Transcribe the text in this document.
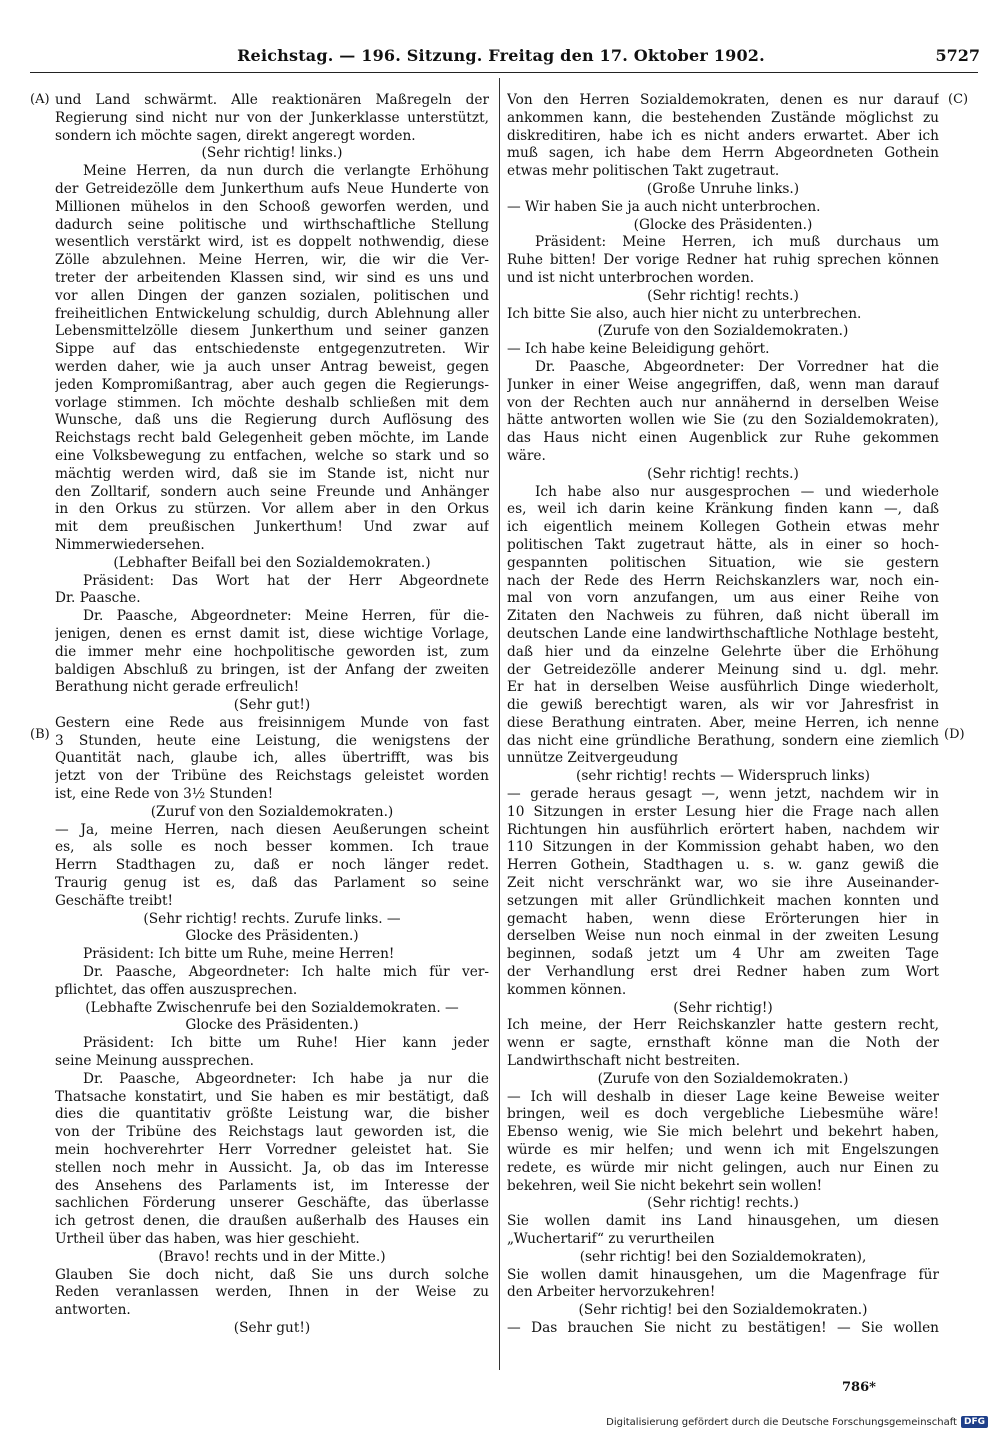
Reichstag. — 196. Sitzung. Freitag den 17. Oktober 1902.	5727
(A)
(B)
(C)
(D)
und Land schwärmt. Alle reaktionären Maßregeln der
Regierung sind nicht nur von der Junkerklasse unterstützt,
sondern ich möchte sagen, direkt angeregt worden.
(Sehr richtig! links.)
Meine Herren, da nun durch die verlangte Erhöhung
der Getreidezölle dem Junkerthum aufs Neue Hunderte von
Millionen mühelos in den Schooß geworfen werden, und
dadurch seine politische und wirthschaftliche Stellung
wesentlich verstärkt wird, ist es doppelt nothwendig, diese
Zölle abzulehnen. Meine Herren, wir, die wir die Ver-
treter der arbeitenden Klassen sind, wir sind es uns und
vor allen Dingen der ganzen sozialen, politischen und
freiheitlichen Entwickelung schuldig, durch Ablehnung aller
Lebensmittelzölle diesem Junkerthum und seiner ganzen
Sippe auf das entschiedenste entgegenzutreten. Wir
werden daher, wie ja auch unser Antrag beweist, gegen
jeden Kompromißantrag, aber auch gegen die Regierungs-
vorlage stimmen. Ich möchte deshalb schließen mit dem
Wunsche, daß uns die Regierung durch Auflösung des
Reichstags recht bald Gelegenheit geben möchte, im Lande
eine Volksbewegung zu entfachen, welche so stark und so
mächtig werden wird, daß sie im Stande ist, nicht nur
den Zolltarif, sondern auch seine Freunde und Anhänger
in den Orkus zu stürzen. Vor allem aber in den Orkus
mit dem preußischen Junkerthum! Und zwar auf
Nimmerwiedersehen.
(Lebhafter Beifall bei den Sozialdemokraten.)
Präsident: Das Wort hat der Herr Abgeordnete
Dr. Paasche.
Dr. Paasche, Abgeordneter: Meine Herren, für die-
jenigen, denen es ernst damit ist, diese wichtige Vorlage,
die immer mehr eine hochpolitische geworden ist, zum
baldigen Abschluß zu bringen, ist der Anfang der zweiten
Berathung nicht gerade erfreulich!
(Sehr gut!)
Gestern eine Rede aus freisinnigem Munde von fast
3 Stunden, heute eine Leistung, die wenigstens der
Quantität nach, glaube ich, alles übertrifft, was bis
jetzt von der Tribüne des Reichstags geleistet worden
ist, eine Rede von 3½ Stunden!
(Zuruf von den Sozialdemokraten.)
— Ja, meine Herren, nach diesen Aeußerungen scheint
es, als solle es noch besser kommen. Ich traue
Herrn Stadthagen zu, daß er noch länger redet.
Traurig genug ist es, daß das Parlament so seine
Geschäfte treibt!
(Sehr richtig! rechts. Zurufe links. —
Glocke des Präsidenten.)
Präsident: Ich bitte um Ruhe, meine Herren!
Dr. Paasche, Abgeordneter: Ich halte mich für ver-
pflichtet, das offen auszusprechen.
(Lebhafte Zwischenrufe bei den Sozialdemokraten. —
Glocke des Präsidenten.)
Präsident: Ich bitte um Ruhe! Hier kann jeder
seine Meinung aussprechen.
Dr. Paasche, Abgeordneter: Ich habe ja nur die
Thatsache konstatirt, und Sie haben es mir bestätigt, daß
dies die quantitativ größte Leistung war, die bisher
von der Tribüne des Reichstags laut geworden ist, die
mein hochverehrter Herr Vorredner geleistet hat. Sie
stellen noch mehr in Aussicht. Ja, ob das im Interesse
des Ansehens des Parlaments ist, im Interesse der
sachlichen Förderung unserer Geschäfte, das überlasse
ich getrost denen, die draußen außerhalb des Hauses ein
Urtheil über das haben, was hier geschieht.
(Bravo! rechts und in der Mitte.)
Glauben Sie doch nicht, daß Sie uns durch solche
Reden veranlassen werden, Ihnen in der Weise zu
antworten.
(Sehr gut!)
Von den Herren Sozialdemokraten, denen es nur darauf
ankommen kann, die bestehenden Zustände möglichst zu
diskreditiren, habe ich es nicht anders erwartet. Aber ich
muß sagen, ich habe dem Herrn Abgeordneten Gothein
etwas mehr politischen Takt zugetraut.
(Große Unruhe links.)
— Wir haben Sie ja auch nicht unterbrochen.
(Glocke des Präsidenten.)
Präsident: Meine Herren, ich muß durchaus um
Ruhe bitten! Der vorige Redner hat ruhig sprechen können
und ist nicht unterbrochen worden.
(Sehr richtig! rechts.)
Ich bitte Sie also, auch hier nicht zu unterbrechen.
(Zurufe von den Sozialdemokraten.)
— Ich habe keine Beleidigung gehört.
Dr. Paasche, Abgeordneter: Der Vorredner hat die
Junker in einer Weise angegriffen, daß, wenn man darauf
von der Rechten auch nur annähernd in derselben Weise
hätte antworten wollen wie Sie (zu den Sozialdemokraten),
das Haus nicht einen Augenblick zur Ruhe gekommen
wäre.
(Sehr richtig! rechts.)
Ich habe also nur ausgesprochen — und wiederhole
es, weil ich darin keine Kränkung finden kann —, daß
ich eigentlich meinem Kollegen Gothein etwas mehr
politischen Takt zugetraut hätte, als in einer so hoch-
gespannten politischen Situation, wie sie gestern
nach der Rede des Herrn Reichskanzlers war, noch ein-
mal von vorn anzufangen, um aus einer Reihe von
Zitaten den Nachweis zu führen, daß nicht überall im
deutschen Lande eine landwirthschaftliche Nothlage besteht,
daß hier und da einzelne Gelehrte über die Erhöhung
der Getreidezölle anderer Meinung sind u. dgl. mehr.
Er hat in derselben Weise ausführlich Dinge wiederholt,
die gewiß berechtigt waren, als wir vor Jahresfrist in
diese Berathung eintraten. Aber, meine Herren, ich nenne
das nicht eine gründliche Berathung, sondern eine ziemlich
unnütze Zeitvergeudung
(sehr richtig! rechts — Widerspruch links)
— gerade heraus gesagt —, wenn jetzt, nachdem wir in
10 Sitzungen in erster Lesung hier die Frage nach allen
Richtungen hin ausführlich erörtert haben, nachdem wir
110 Sitzungen in der Kommission gehabt haben, wo den
Herren Gothein, Stadthagen u. s. w. ganz gewiß die
Zeit nicht verschränkt war, wo sie ihre Auseinander-
setzungen mit aller Gründlichkeit machen konnten und
gemacht haben, wenn diese Erörterungen hier in
derselben Weise nun noch einmal in der zweiten Lesung
beginnen, sodaß jetzt um 4 Uhr am zweiten Tage
der Verhandlung erst drei Redner haben zum Wort
kommen können.
(Sehr richtig!)
Ich meine, der Herr Reichskanzler hatte gestern recht,
wenn er sagte, ernsthaft könne man die Noth der
Landwirthschaft nicht bestreiten.
(Zurufe von den Sozialdemokraten.)
— Ich will deshalb in dieser Lage keine Beweise weiter
bringen, weil es doch vergebliche Liebesmühe wäre!
Ebenso wenig, wie Sie mich belehrt und bekehrt haben,
würde es mir helfen; und wenn ich mit Engelszungen
redete, es würde mir nicht gelingen, auch nur Einen zu
bekehren, weil Sie nicht bekehrt sein wollen!
(Sehr richtig! rechts.)
Sie wollen damit ins Land hinausgehen, um diesen
„Wuchertarif“ zu verurtheilen
(sehr richtig! bei den Sozialdemokraten),
Sie wollen damit hinausgehen, um die Magenfrage für
den Arbeiter hervorzukehren!
(Sehr richtig! bei den Sozialdemokraten.)
— Das brauchen Sie nicht zu bestätigen! — Sie wollen
786*
Digitalisierung gefördert durch die Deutsche Forschungsgemeinschaft DFG
